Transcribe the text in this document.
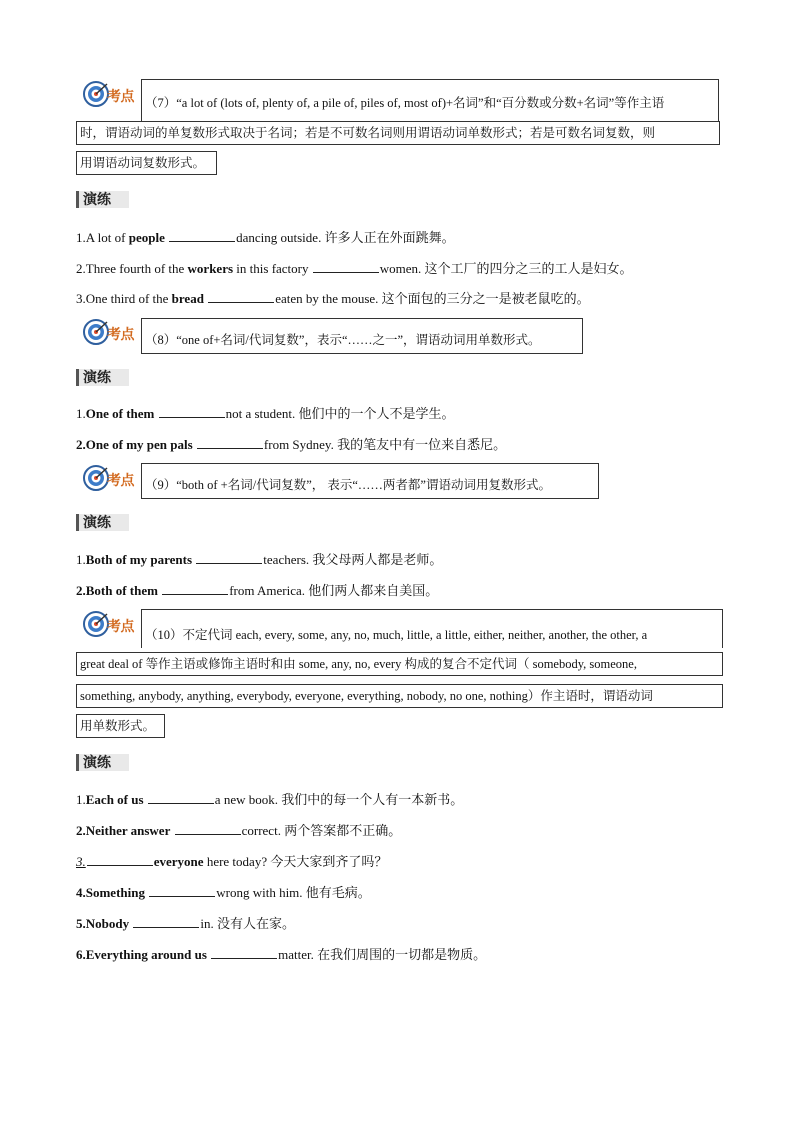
考点 （7）“a lot of (lots of, plenty of, a pile of, piles of, most of)+名词”和“百分数或分数+名词”等作主语
时，谓语动词的单复数形式取决于名词；若是不可数名词则用谓语动词单数形式；若是可数名词复数，则
用谓语动词复数形式。
演练
1.A lot of people	dancing outside. 许多人正在外面跳舞。
2.Three fourth of the workers in this factory	women. 这个工厂的四分之三的工人是妇女。
3.One third of the bread	eaten by the mouse. 这个面包的三分之一是被老鼠吃的。
考点 （8）“one of+名词/代词复数”，表示“……之一”，谓语动词用单数形式。
演练
1.One of them	not a student. 他们中的一个人不是学生。
2.One of my pen pals	from Sydney. 我的笔友中有一位来自悉尼。
考点 （9）“both of +名词/代词复数”， 表示“……两者都”谓语动词用复数形式。
演练
1.Both of my parents	teachers. 我父母两人都是老师。
2.Both of them	from America. 他们两人都来自美国。
考点 （10）不定代词 each, every, some, any, no, much, little, a little, either, neither, another, the other, a
great deal of 等作主语或修饰主语时和由 some, any, no, every 构成的复合不定代词（ somebody, someone,
something, anybody, anything, everybody, everyone, everything, nobody, no one, nothing）作主语时，谓语动词
用单数形式。
演练
1.Each of us	a new book. 我们中的每一个人有一本新书。
2.Neither answer	correct. 两个答案都不正确。
3.	everyone here today? 今天大家到齐了吗？
4.Something	wrong with him. 他有毛病。
5.Nobody	in. 没有人在家。
6.Everything around us	matter. 在我们周围的一切都是物质。
